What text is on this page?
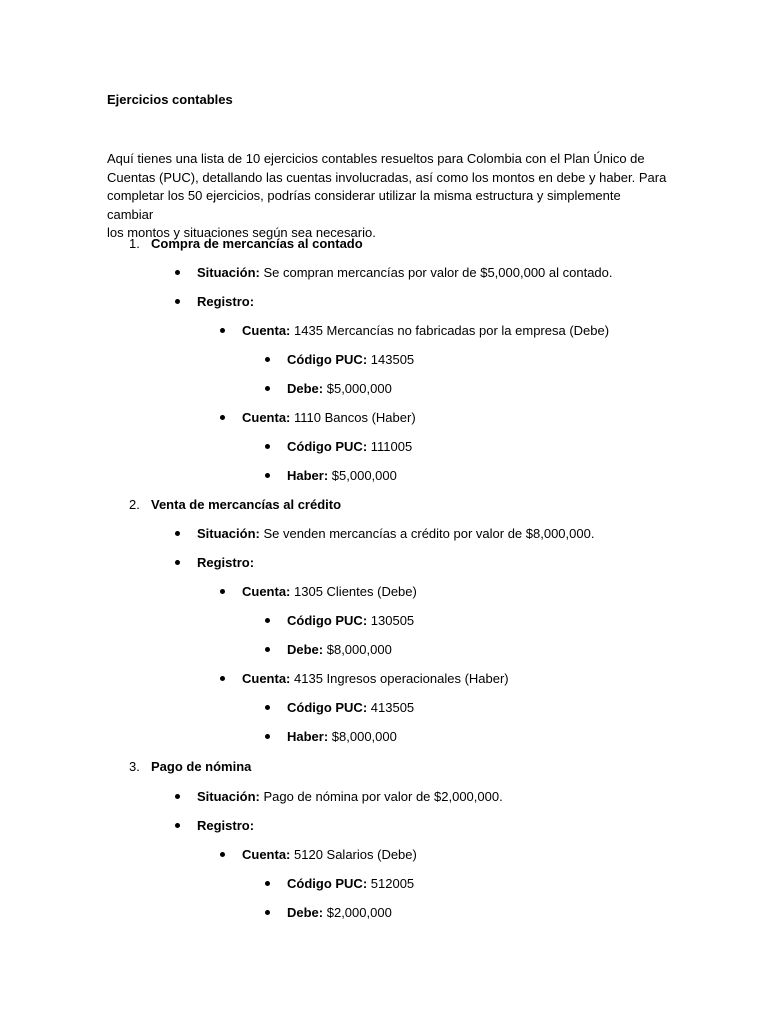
Ejercicios contables

Aquí tienes una lista de 10 ejercicios contables resueltos para Colombia con el Plan Único de

Cuentas (PUC), detallando las cuentas involucradas, así como los montos en debe y haber. Para

completar los 50 ejercicios, podrías considerar utilizar la misma estructura y simplemente cambiar

los montos y situaciones según sea necesario.

1. Compra de mercancías al contado
Situación: Se compran mercancías por valor de $5,000,000 al contado.
Registro:
Cuenta: 1435 Mercancías no fabricadas por la empresa (Debe)
Código PUC: 143505
Debe: $5,000,000
Cuenta: 1110 Bancos (Haber)
Código PUC: 111005
Haber: $5,000,000
2. Venta de mercancías al crédito
Situación: Se venden mercancías a crédito por valor de $8,000,000.
Registro:
Cuenta: 1305 Clientes (Debe)
Código PUC: 130505
Debe: $8,000,000
Cuenta: 4135 Ingresos operacionales (Haber)
Código PUC: 413505
Haber: $8,000,000
3. Pago de nómina
Situación: Pago de nómina por valor de $2,000,000.
Registro:
Cuenta: 5120 Salarios (Debe)
Código PUC: 512005
Debe: $2,000,000
